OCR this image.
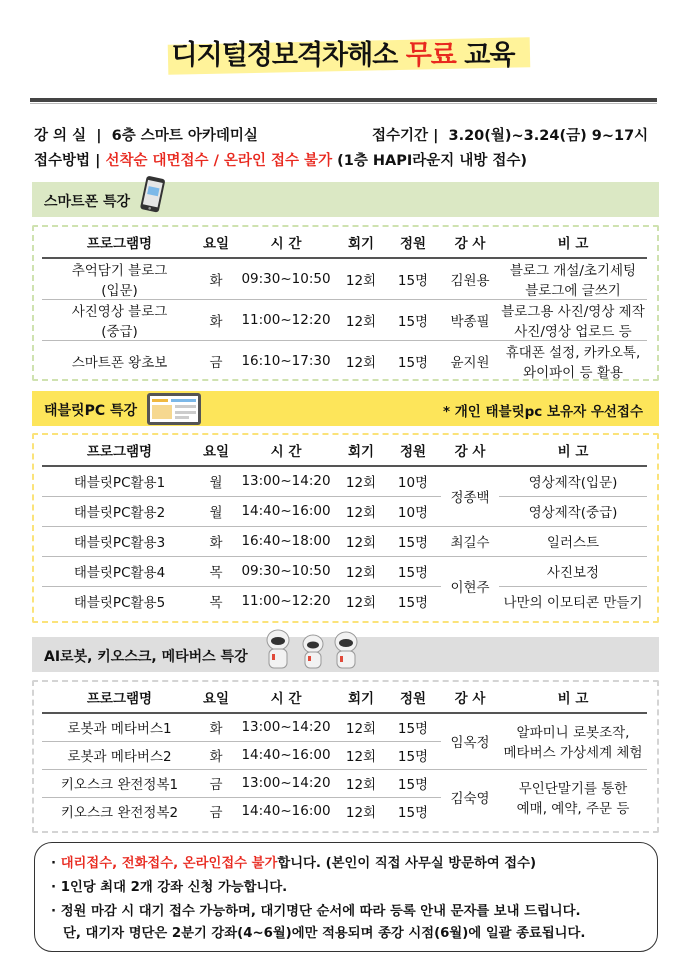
디지털정보격차해소 무료 교육
강 의 실  |  6층 스마트 아카데미실	접수기간 |  3.20(월)~3.24(금) 9~17시
접수방법 | 선착순 대면접수 / 온라인 접수 불가 (1층 HAPI라운지 내방 접수)
스마트폰 특강
프로그램명	요일	시 간	회기	정원	강 사	비 고
추억담기 블로그
(입문)	화	09:30~10:50	12회	15명	김원용	블로그 개설/초기세팅
블로그에 글쓰기
사진영상 블로그
(중급)	화	11:00~12:20	12회	15명	박종필	블로그용 사진/영상 제작
사진/영상 업로드 등
스마트폰 왕초보	금	16:10~17:30	12회	15명	윤지원	휴대폰 설정, 카카오톡,
와이파이 등 활용
태블릿PC 특강	* 개인 태블릿pc 보유자 우선접수
프로그램명	요일	시 간	회기	정원	강 사	비 고
태블릿PC활용1	월	13:00~14:20	12회	10명	정종백	영상제작(입문)
태블릿PC활용2	월	14:40~16:00	12회	10명		영상제작(중급)
태블릿PC활용3	화	16:40~18:00	12회	15명	최길수	일러스트
태블릿PC활용4	목	09:30~10:50	12회	15명	이현주	사진보정
태블릿PC활용5	목	11:00~12:20	12회	15명		나만의 이모티콘 만들기
AI로봇, 키오스크, 메타버스 특강
프로그램명	요일	시 간	회기	정원	강 사	비 고
로봇과 메타버스1	화	13:00~14:20	12회	15명	임옥정	알파미니 로봇조작,
메타버스 가상세계 체험
로봇과 메타버스2	화	14:40~16:00	12회	15명		
키오스크 완전정복1	금	13:00~14:20	12회	15명	김숙영	무인단말기를 통한
예매, 예약, 주문 등
키오스크 완전정복2	금	14:40~16:00	12회	15명		
· 대리접수, 전화접수, 온라인접수 불가합니다. (본인이 직접 사무실 방문하여 접수)
· 1인당 최대 2개 강좌 신청 가능합니다.
· 정원 마감 시 대기 접수 가능하며, 대기명단 순서에 따라 등록 안내 문자를 보내 드립니다.
단, 대기자 명단은 2분기 강좌(4~6월)에만 적용되며 종강 시점(6월)에 일괄 종료됩니다.
